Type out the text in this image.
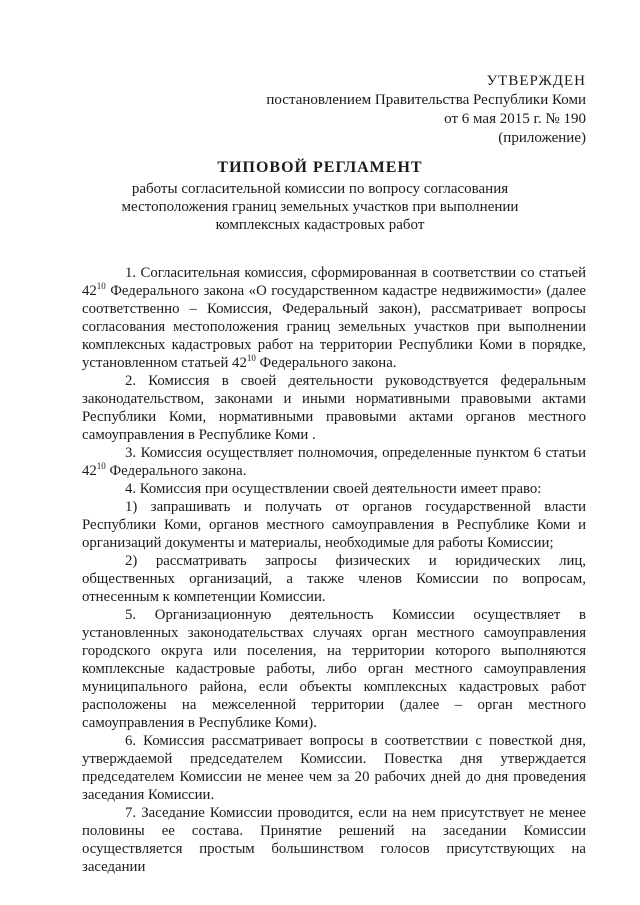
УТВЕРЖДЕН
постановлением Правительства Республики Коми
от 6 мая 2015 г. № 190
(приложение)
ТИПОВОЙ РЕГЛАМЕНТ
работы согласительной комиссии по вопросу согласования
местоположения границ земельных участков при выполнении
комплексных кадастровых работ

1. Согласительная комиссия, сформированная в соответствии со статьей $42^{10}$ Федерального закона «О государственном кадастре недвижимости» (далее соответственно – Комиссия, Федеральный закон), рассматривает вопросы согласования местоположения границ земельных участков при выполнении комплексных кадастровых работ на территории Республики Коми в порядке, установленном статьей $42^{10}$ Федерального закона.

2. Комиссия в своей деятельности руководствуется федеральным законодательством, законами и иными нормативными правовыми актами Республики Коми, нормативными правовыми актами органов местного самоуправления в Республике Коми .

3. Комиссия осуществляет полномочия, определенные пунктом 6 статьи $42^{10}$ Федерального закона.

4. Комиссия при осуществлении своей деятельности имеет право:

1) запрашивать и получать от органов государственной власти Республики Коми, органов местного самоуправления в Республике Коми и организаций документы и материалы, необходимые для работы Комиссии;

2) рассматривать запросы физических и юридических лиц, общественных организаций, а также членов Комиссии по вопросам, отнесенным к компетенции Комиссии.

5. Организационную деятельность Комиссии осуществляет в установленных законодательствах случаях орган местного самоуправления городского округа или поселения, на территории которого выполняются комплексные кадастровые работы, либо орган местного самоуправления муниципального района, если объекты комплексных кадастровых работ расположены на межселенной территории (далее – орган местного самоуправления в Республике Коми).

6. Комиссия рассматривает вопросы в соответствии с повесткой дня, утверждаемой председателем Комиссии. Повестка дня утверждается председателем Комиссии не менее чем за 20 рабочих дней до дня проведения заседания Комиссии.

7. Заседание Комиссии проводится, если на нем присутствует не менее половины ее состава. Принятие решений на заседании Комиссии осуществляется простым большинством голосов присутствующих на заседании
